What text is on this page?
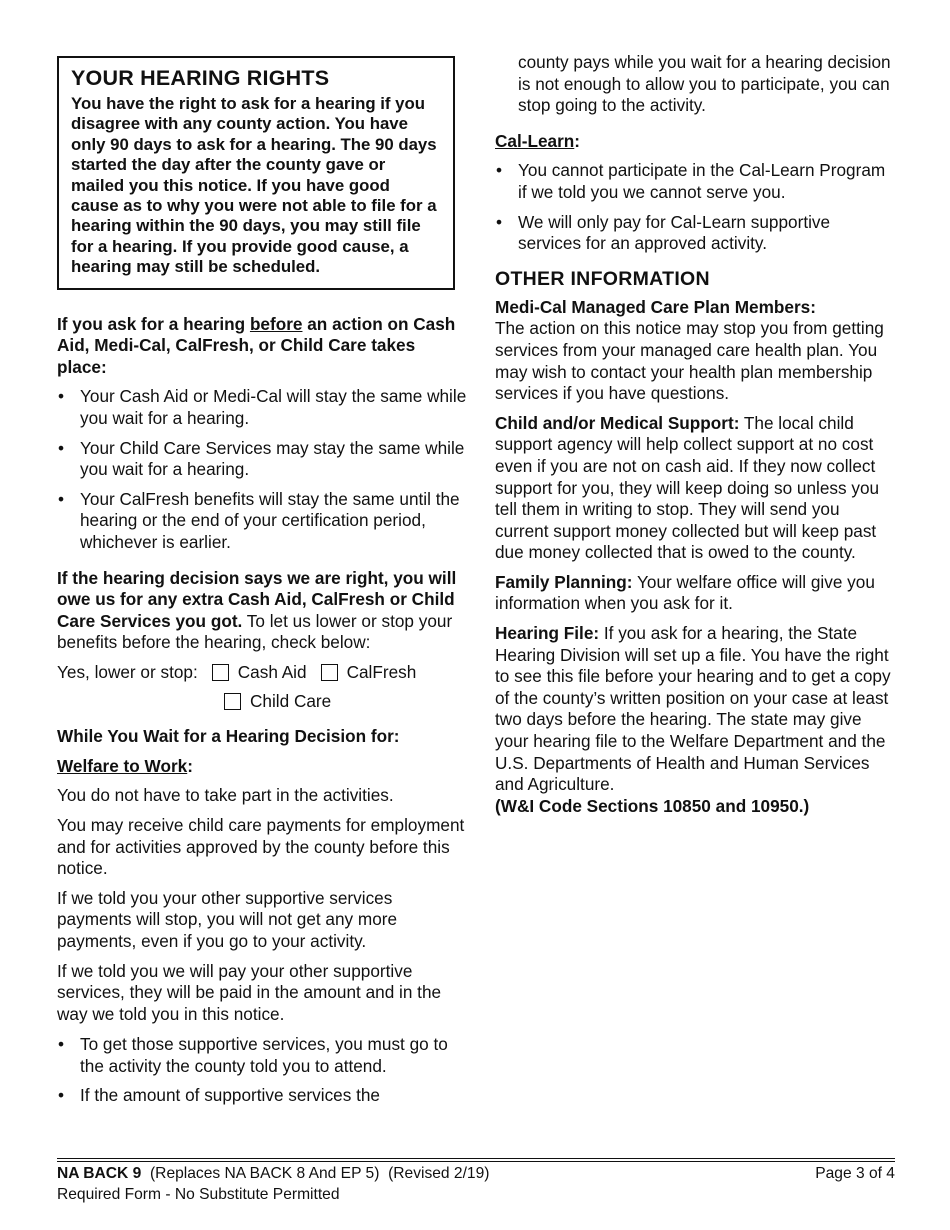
YOUR HEARING RIGHTS

You have the right to ask for a hearing if you disagree with any county action. You have only 90 days to ask for a hearing. The 90 days started the day after the county gave or mailed you this notice. If you have good cause as to why you were not able to file for a hearing within the 90 days, you may still file for a hearing. If you provide good cause, a hearing may still be scheduled.

If you ask for a hearing before an action on Cash Aid, Medi-Cal, CalFresh, or Child Care takes place:

• Your Cash Aid or Medi-Cal will stay the same while you wait for a hearing.

• Your Child Care Services may stay the same while you wait for a hearing.

• Your CalFresh benefits will stay the same until the hearing or the end of your certification period, whichever is earlier.

If the hearing decision says we are right, you will owe us for any extra Cash Aid, CalFresh or Child Care Services you got. To let us lower or stop your benefits before the hearing, check below:

Yes, lower or stop: Cash Aid CalFresh
Child Care

While You Wait for a Hearing Decision for:

Welfare to Work:

You do not have to take part in the activities.

You may receive child care payments for employment and for activities approved by the county before this notice.

If we told you your other supportive services payments will stop, you will not get any more payments, even if you go to your activity.

If we told you we will pay your other supportive services, they will be paid in the amount and in the way we told you in this notice.

• To get those supportive services, you must go to the activity the county told you to attend.

• If the amount of supportive services the

county pays while you wait for a hearing decision is not enough to allow you to participate, you can stop going to the activity.

Cal-Learn:

• You cannot participate in the Cal-Learn Program if we told you we cannot serve you.

• We will only pay for Cal-Learn supportive services for an approved activity.

OTHER INFORMATION

Medi-Cal Managed Care Plan Members:
The action on this notice may stop you from getting services from your managed care health plan. You may wish to contact your health plan membership services if you have questions.

Child and/or Medical Support: The local child support agency will help collect support at no cost even if you are not on cash aid. If they now collect support for you, they will keep doing so unless you tell them in writing to stop. They will send you current support money collected but will keep past due money collected that is owed to the county.

Family Planning: Your welfare office will give you information when you ask for it.

Hearing File: If you ask for a hearing, the State Hearing Division will set up a file. You have the right to see this file before your hearing and to get a copy of the county’s written position on your case at least two days before the hearing. The state may give your hearing file to the Welfare Department and the U.S. Departments of Health and Human Services and Agriculture.
(W&I Code Sections 10850 and 10950.)

NA BACK 9  (Replaces NA BACK 8 And EP 5)  (Revised 2/19)
Required Form - No Substitute Permitted
Page 3 of 4
